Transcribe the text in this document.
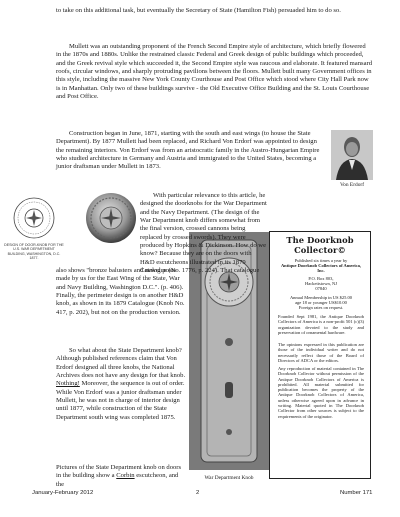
to take on this additional task, but eventually the Secretary of State (Hamilton Fish) persuaded him to do so.

Mullett was an outstanding proponent of the French Second Empire style of architecture, which briefly flowered in the 1870s and 1880s. Unlike the restrained classic Federal and Greek design of public buildings which proceeded, and the Greek revival style which succeeded it, the Second Empire style was raucous and elaborate. It featured mansard roofs, circular windows, and sharply protruding pavilions between the floors. Mullett built many Government offices in this style, including the massive New York County Courthouse and Post Office which stood where City Hall Park now is in Manhattan. Only two of these buildings survive - the Old Executive Office Building and the St. Louis Courthouse and Post Office.

Construction began in June, 1871, starting with the south and east wings (to house the State Department). By 1877 Mullett had been replaced, and Richard Von Erdorf was appointed to design the remaining interiors. Von Erdorf was from an aristocratic family in the Austro-Hungarian Empire who studied architecture in Germany and Austria and immigrated to the United States, becoming a junior draftsman under Mullett in 1873.

Von Erdorf
DESIGN OF DOOR-KNOB FOR THE U.S. WAR DEPARTMENT BUILDING, WASHINGTON, D.C. 1877.
War Department Knob

With particular relevance to this article, he designed the doorknobs for the War Department and the Navy Department. (The design of the War Department knob differs somewhat from the final version, crossed cannons being replaced by crossed swords). They were produced by Hopkins & Dickinson. How do we know? Because they are on the doors with H&D escutcheons illustrated in its 1879 Catalogue (No. 1776, p. 224). That catalogue

also shows "bronze balusters and newel posts made by us for the East Wing of the State, War and Navy Building, Washington D.C.". (p. 406). Finally, the perimeter design is on another H&D knob, as shown in its 1879 Catalogue (Knob No. 417, p. 202), but not on the production version.

So what about the State Department knob? Although published references claim that Von Erdorf designed all three knobs, the National Archives does not have any design for that knob. Nothing! Moreover, the sequence is out of order. While Von Erdorf was a junior draftsman under Mullett, he was not in charge of interior design until 1877, while construction of the State Department south wing was completed 1875.

Pictures of the State Department knob on doors in the building show a Corbin escutcheon, and the

The Doorknob Collector©
Published six times a year by
Antique Doorknob Collectors of America, Inc.
P.O. Box 803,
Hackettstown, NJ
07840
Annual Membership in US $25.00
age 18 or younger US$10.00
Foreign rates on request.
Founded Sept 1981, the Antique Doorknob Collectors of America is a non-profit 501 (c)(3) organization devoted to the study and preservation of ornamental hardware.
The opinions expressed in this publication are those of the individual writer and do not necessarily reflect those of the Board of Directors of ADCA or the editors.
Any reproduction of material contained in The Doorknob Collector without permission of the Antique Doorknob Collectors of America is prohibited. All material submitted for publication becomes the property of the Antique Doorknob Collectors of America, unless otherwise agreed upon in advance in writing. Material quoted in The Doorknob Collector from other sources is subject to the requirements of the originator.
January-February 2012	2	Number 171
